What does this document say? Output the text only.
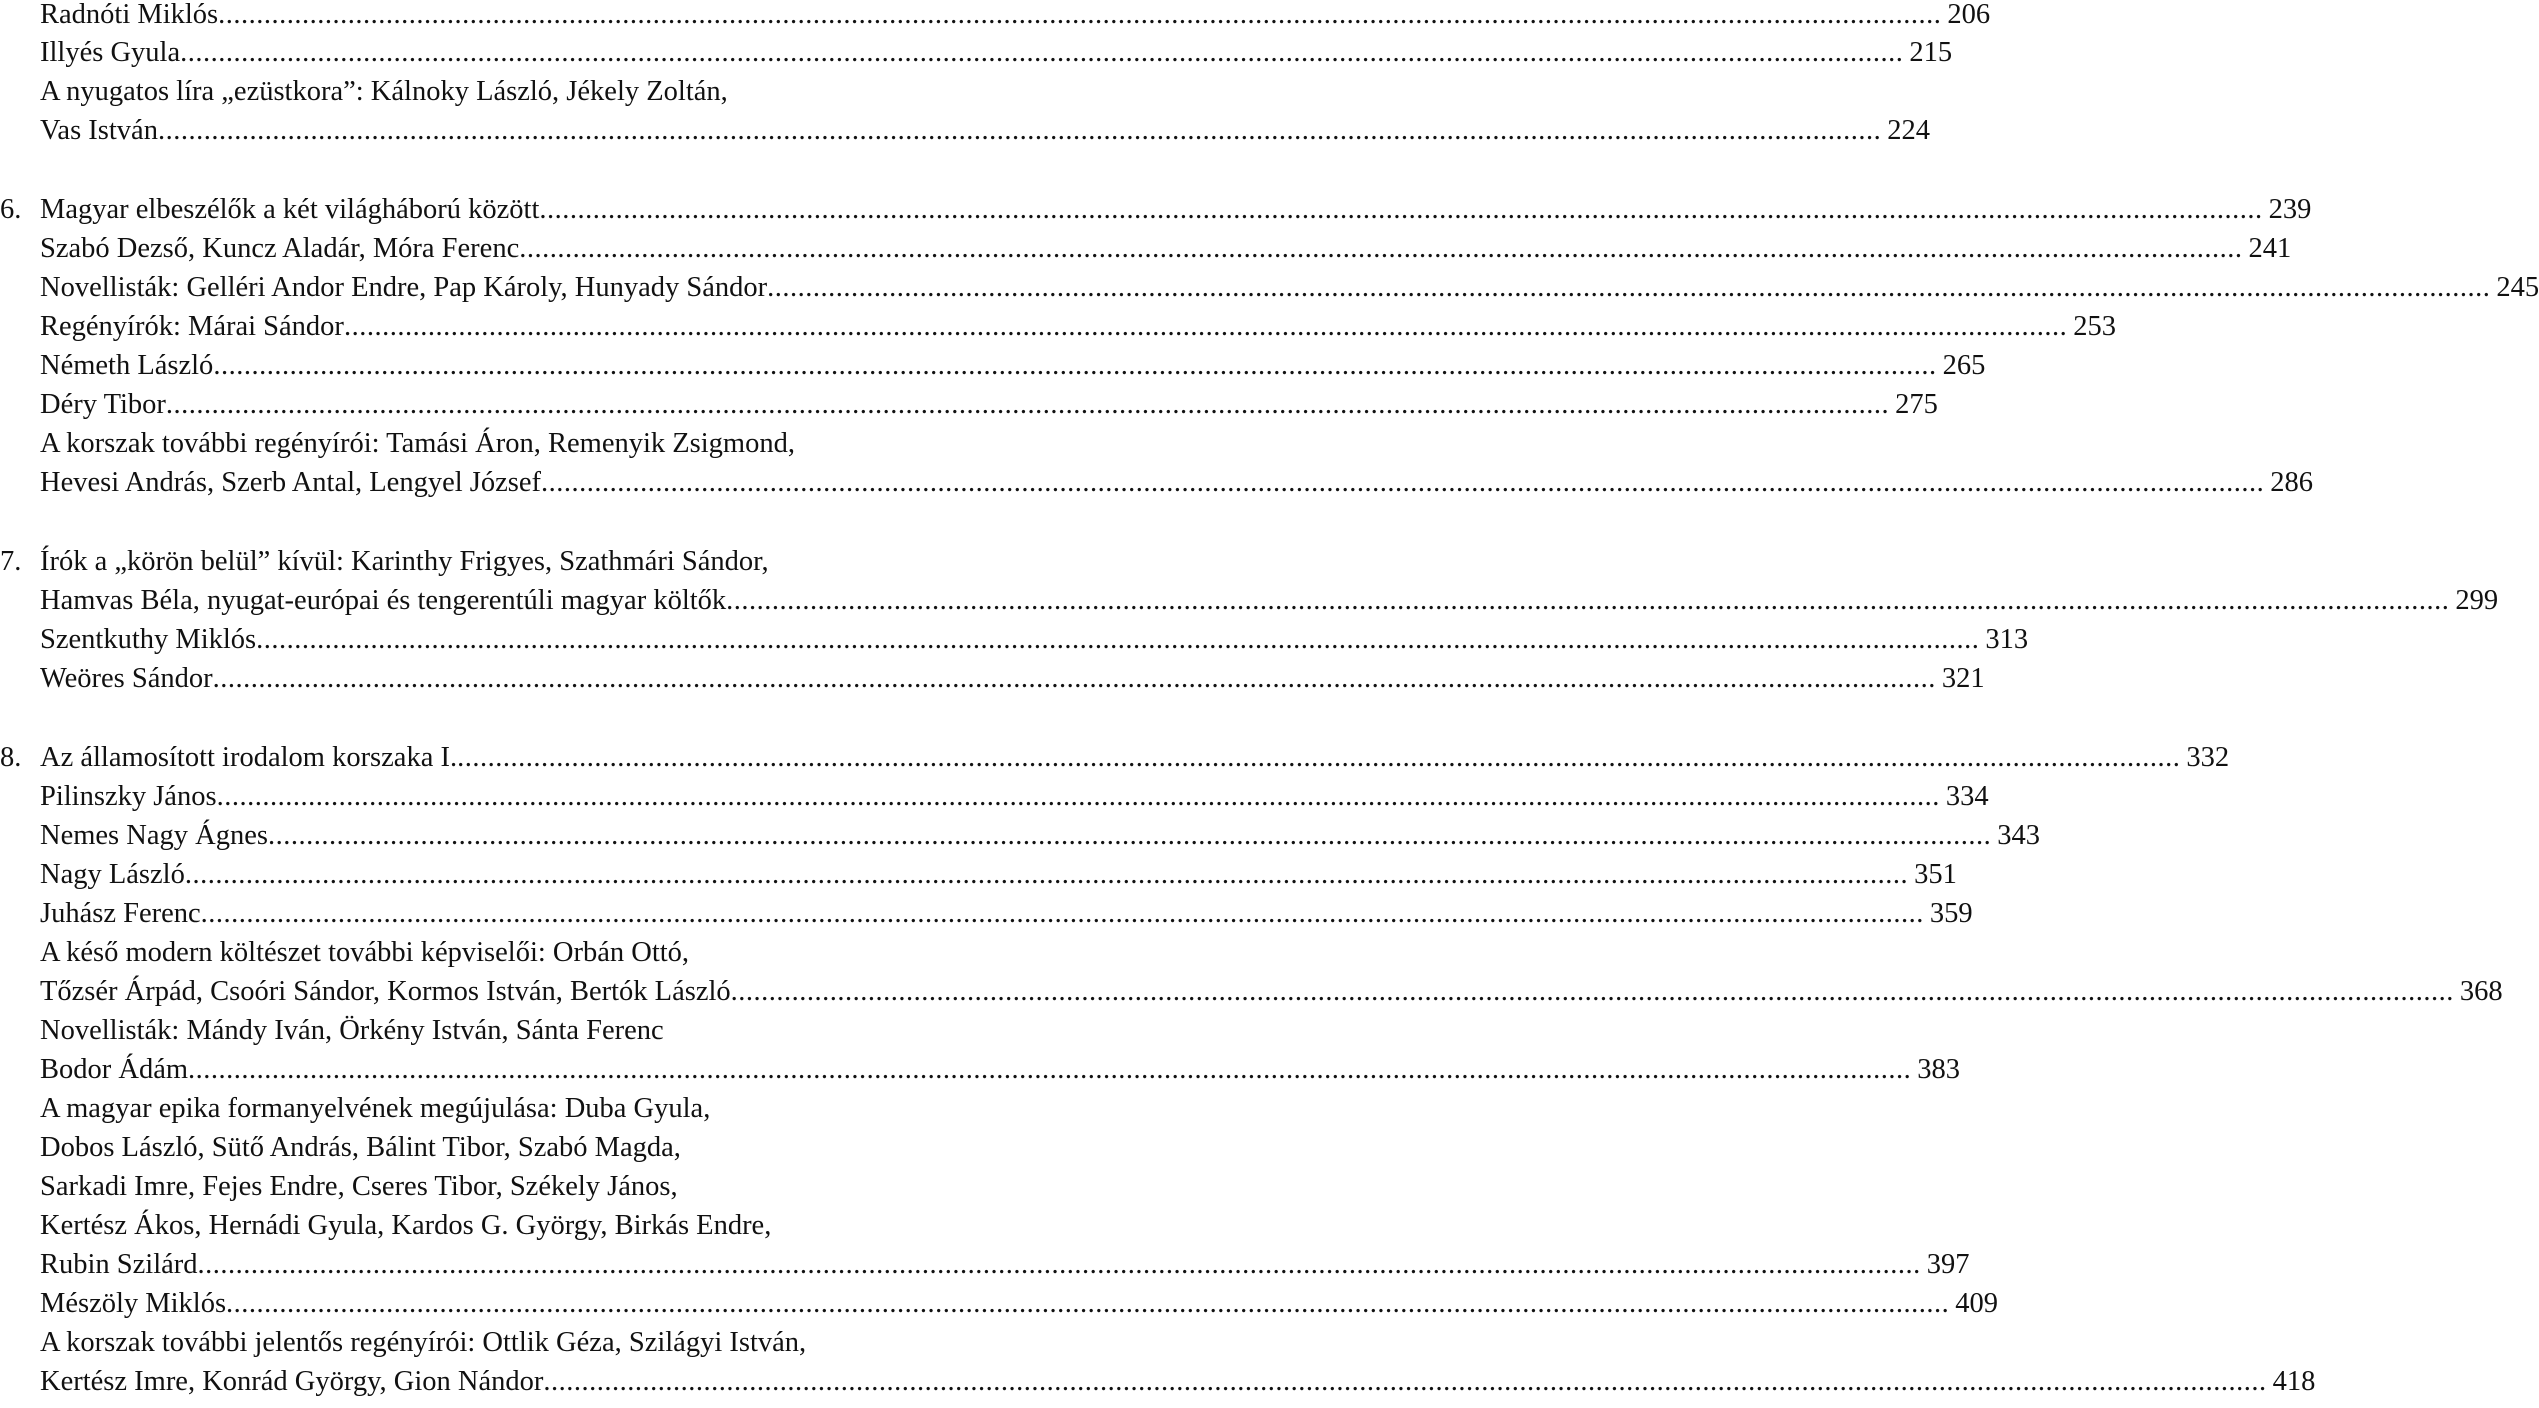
Radnóti Miklós .....	206
Illyés Gyula .....	215
A nyugatos líra „ezüstkora”: Kálnoky László, Jékely Zoltán,
Vas István .....	224
6. Magyar elbeszélők a két világháború között .....	239
Szabó Dezső, Kuncz Aladár, Móra Ferenc .....	241
Novellisták: Gelléri Andor Endre, Pap Károly, Hunyady Sándor .....	245
Regényírók: Márai Sándor .....	253
Németh László .....	265
Déry Tibor .....	275
A korszak további regényírói: Tamási Áron, Remenyik Zsigmond,
Hevesi András, Szerb Antal, Lengyel József .....	286
7. Írók a „körön belül” kívül: Karinthy Frigyes, Szathmári Sándor,
Hamvas Béla, nyugat-európai és tengerentúli magyar költők .....	299
Szentkuthy Miklós .....	313
Weöres Sándor .....	321
8. Az államosított irodalom korszaka I. .....	332
Pilinszky János .....	334
Nemes Nagy Ágnes .....	343
Nagy László .....	351
Juhász Ferenc .....	359
A késő modern költészet további képviselői: Orbán Ottó,
Tőzsér Árpád, Csoóri Sándor, Kormos István, Bertók László .....	368
Novellisták: Mándy Iván, Örkény István, Sánta Ferenc
Bodor Ádám .....	383
A magyar epika formanyelvének megújulása: Duba Gyula,
Dobos László, Sütő András, Bálint Tibor, Szabó Magda,
Sarkadi Imre, Fejes Endre, Cseres Tibor, Székely János,
Kertész Ákos, Hernádi Gyula, Kardos G. György, Birkás Endre,
Rubin Szilárd .....	397
Mészöly Miklós .....	409
A korszak további jelentős regényírói: Ottlik Géza, Szilágyi István,
Kertész Imre, Konrád György, Gion Nándor .....	418
